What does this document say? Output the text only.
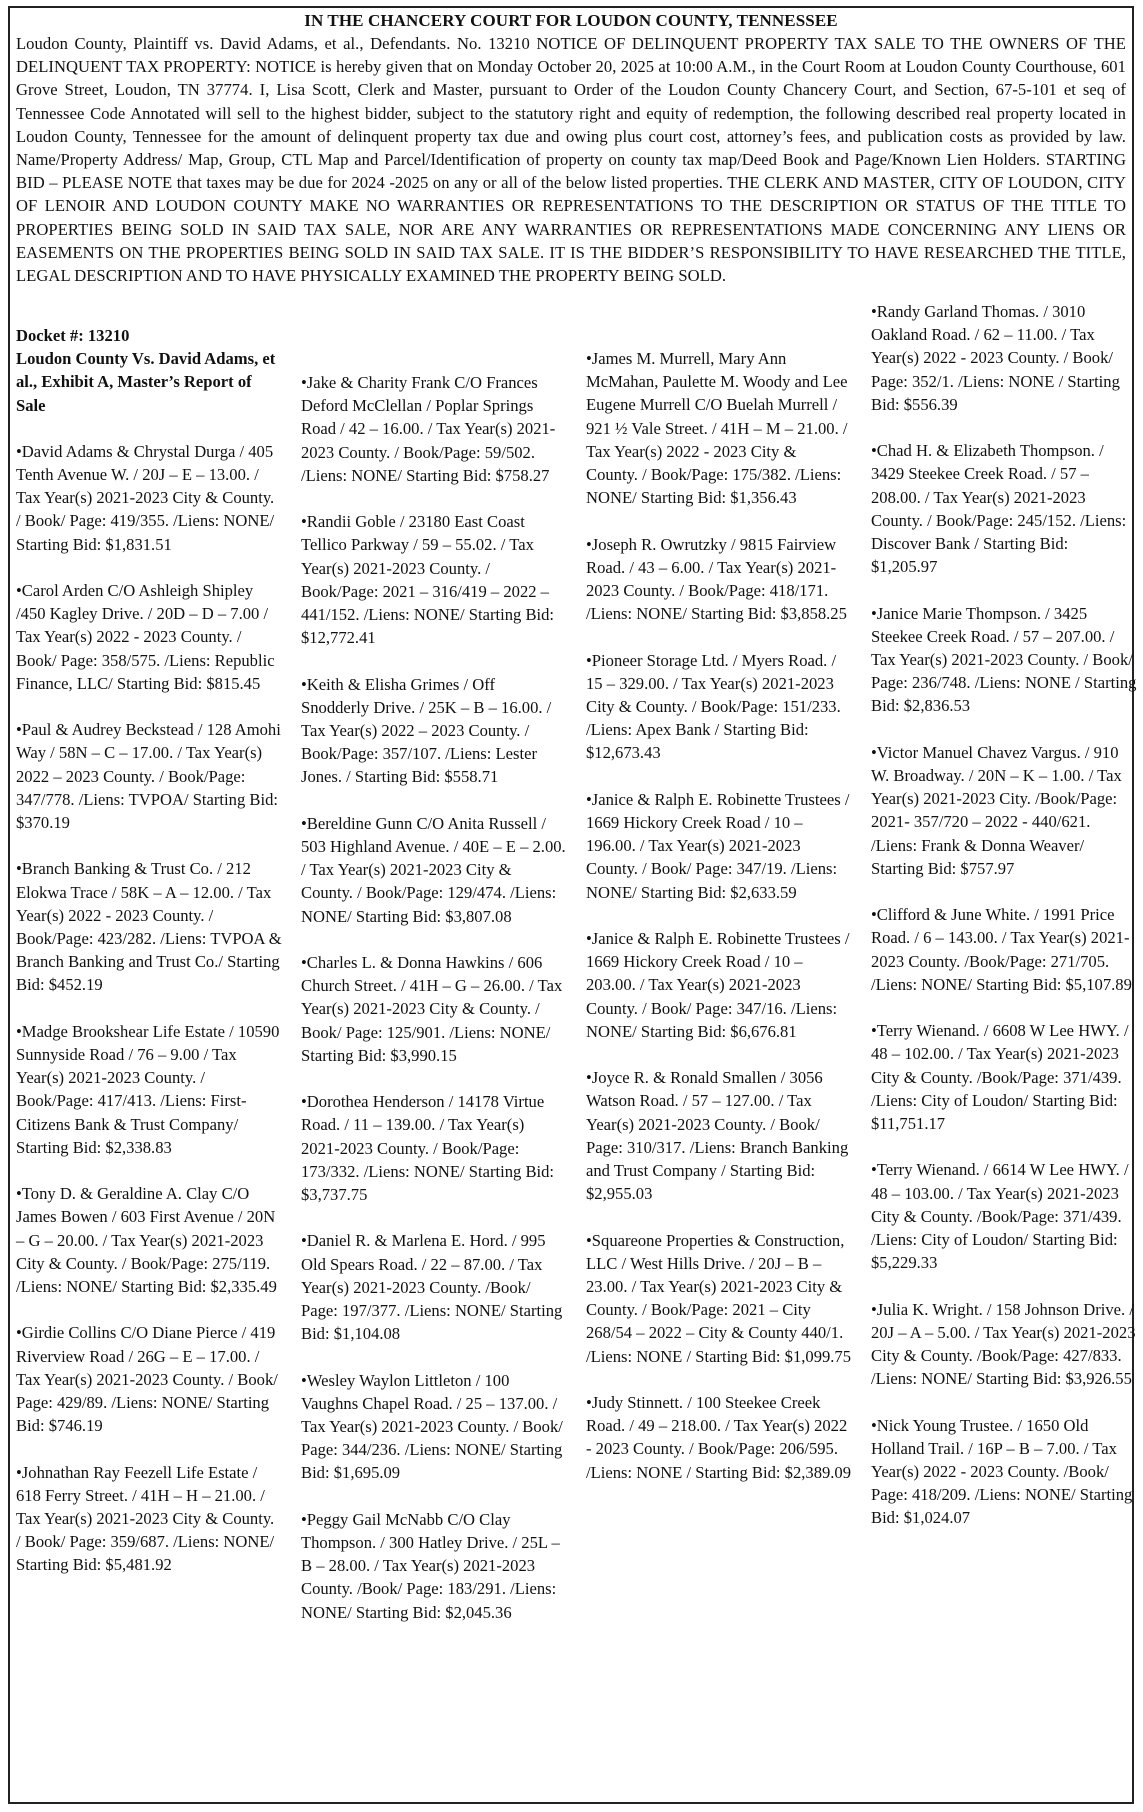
IN THE CHANCERY COURT FOR LOUDON COUNTY, TENNESSEE
Loudon County, Plaintiff vs. David Adams, et al., Defendants. No. 13210 NOTICE OF DELINQUENT PROPERTY TAX SALE TO THE OWNERS OF THE DELINQUENT TAX PROPERTY: NOTICE is hereby given that on Monday October 20, 2025 at 10:00 A.M., in the Court Room at Loudon County Courthouse, 601 Grove Street, Loudon, TN 37774. I, Lisa Scott, Clerk and Master, pursuant to Order of the Loudon County Chancery Court, and Section, 67-5-101 et seq of Tennessee Code Annotated will sell to the highest bidder, subject to the statutory right and equity of redemption, the following described real property located in Loudon County, Tennessee for the amount of delinquent property tax due and owing plus court cost, attorney’s fees, and publication costs as provided by law. Name/Property Address/ Map, Group, CTL Map and Parcel/Identification of property on county tax map/Deed Book and Page/Known Lien Holders. STARTING BID – PLEASE NOTE that taxes may be due for 2024 -2025 on any or all of the below listed properties. THE CLERK AND MASTER, CITY OF LOUDON, CITY OF LENOIR AND LOUDON COUNTY MAKE NO WARRANTIES OR REPRESENTATIONS TO THE DESCRIPTION OR STATUS OF THE TITLE TO PROPERTIES BEING SOLD IN SAID TAX SALE, NOR ARE ANY WARRANTIES OR REPRESENTATIONS MADE CONCERNING ANY LIENS OR EASEMENTS ON THE PROPERTIES BEING SOLD IN SAID TAX SALE. IT IS THE BIDDER’S RESPONSIBILITY TO HAVE RESEARCHED THE TITLE, LEGAL DESCRIPTION AND TO HAVE PHYSICALLY EXAMINED THE PROPERTY BEING SOLD.
Docket #: 13210
Loudon County Vs. David Adams, et al., Exhibit A, Master’s Report of Sale
•David Adams & Chrystal Durga / 405 Tenth Avenue W. / 20J – E – 13.00. / Tax Year(s) 2021-2023 City & County. / Book/ Page: 419/355. /Liens: NONE/ Starting Bid: $1,831.51
•Carol Arden C/O Ashleigh Shipley /450 Kagley Drive. / 20D – D – 7.00 / Tax Year(s) 2022 - 2023 County. / Book/ Page: 358/575. /Liens: Republic Finance, LLC/ Starting Bid: $815.45
•Paul & Audrey Beckstead / 128 Amohi Way / 58N – C – 17.00. / Tax Year(s) 2022 – 2023 County. / Book/Page: 347/778. /Liens: TVPOA/ Starting Bid: $370.19
•Branch Banking & Trust Co. / 212 Elokwa Trace / 58K – A – 12.00. / Tax Year(s) 2022 - 2023 County. / Book/Page: 423/282. /Liens: TVPOA & Branch Banking and Trust Co./ Starting Bid: $452.19
•Madge Brookshear Life Estate / 10590 Sunnyside Road / 76 – 9.00 / Tax Year(s) 2021-2023 County. / Book/Page: 417/413. /Liens: First-Citizens Bank & Trust Company/ Starting Bid: $2,338.83
•Tony D. & Geraldine A. Clay C/O James Bowen / 603 First Avenue / 20N – G – 20.00. / Tax Year(s) 2021-2023 City & County. / Book/Page: 275/119. /Liens: NONE/ Starting Bid: $2,335.49
•Girdie Collins C/O Diane Pierce / 419 Riverview Road / 26G – E – 17.00. / Tax Year(s) 2021-2023 County. / Book/ Page: 429/89. /Liens: NONE/ Starting Bid: $746.19
•Johnathan Ray Feezell Life Estate / 618 Ferry Street. / 41H – H – 21.00. / Tax Year(s) 2021-2023 City & County. / Book/ Page: 359/687. /Liens: NONE/ Starting Bid: $5,481.92
•Jake & Charity Frank C/O Frances Deford McClellan / Poplar Springs Road / 42 – 16.00. / Tax Year(s) 2021-2023 County. / Book/Page: 59/502. /Liens: NONE/ Starting Bid: $758.27
•Randii Goble / 23180 East Coast Tellico Parkway / 59 – 55.02. / Tax Year(s) 2021-2023 County. / Book/Page: 2021 – 316/419 – 2022 – 441/152. /Liens: NONE/ Starting Bid: $12,772.41
•Keith & Elisha Grimes / Off Snodderly Drive. / 25K – B – 16.00. / Tax Year(s) 2022 – 2023 County. / Book/Page: 357/107. /Liens: Lester Jones. / Starting Bid: $558.71
•Bereldine Gunn C/O Anita Russell / 503 Highland Avenue. / 40E – E – 2.00. / Tax Year(s) 2021-2023 City & County. / Book/Page: 129/474. /Liens: NONE/ Starting Bid: $3,807.08
•Charles L. & Donna Hawkins / 606 Church Street. / 41H – G – 26.00. / Tax Year(s) 2021-2023 City & County. / Book/ Page: 125/901. /Liens: NONE/ Starting Bid: $3,990.15
•Dorothea Henderson / 14178 Virtue Road. / 11 – 139.00. / Tax Year(s) 2021-2023 County. / Book/Page: 173/332. /Liens: NONE/ Starting Bid: $3,737.75
•Daniel R. & Marlena E. Hord. / 995 Old Spears Road. / 22 – 87.00. / Tax Year(s) 2021-2023 County. /Book/ Page: 197/377. /Liens: NONE/ Starting Bid: $1,104.08
•Wesley Waylon Littleton / 100 Vaughns Chapel Road. / 25 – 137.00. / Tax Year(s) 2021-2023 County. / Book/ Page: 344/236. /Liens: NONE/ Starting Bid: $1,695.09
•Peggy Gail McNabb C/O Clay Thompson. / 300 Hatley Drive. / 25L – B – 28.00. / Tax Year(s) 2021-2023 County. /Book/ Page: 183/291. /Liens: NONE/ Starting Bid: $2,045.36
•James M. Murrell, Mary Ann McMahan, Paulette M. Woody and Lee Eugene Murrell C/O Buelah Murrell / 921 ½ Vale Street. / 41H – M – 21.00. / Tax Year(s) 2022 - 2023 City & County. / Book/Page: 175/382. /Liens: NONE/ Starting Bid: $1,356.43
•Joseph R. Owrutzky / 9815 Fairview Road. / 43 – 6.00. / Tax Year(s) 2021-2023 County. / Book/Page: 418/171. /Liens: NONE/ Starting Bid: $3,858.25
•Pioneer Storage Ltd. / Myers Road. / 15 – 329.00. / Tax Year(s) 2021-2023 City & County. / Book/Page: 151/233. /Liens: Apex Bank / Starting Bid: $12,673.43
•Janice & Ralph E. Robinette Trustees / 1669 Hickory Creek Road / 10 – 196.00. / Tax Year(s) 2021-2023 County. / Book/ Page: 347/19. /Liens: NONE/ Starting Bid: $2,633.59
•Janice & Ralph E. Robinette Trustees / 1669 Hickory Creek Road / 10 – 203.00. / Tax Year(s) 2021-2023 County. / Book/ Page: 347/16. /Liens: NONE/ Starting Bid: $6,676.81
•Joyce R. & Ronald Smallen / 3056 Watson Road. / 57 – 127.00. / Tax Year(s) 2021-2023 County. / Book/ Page: 310/317. /Liens: Branch Banking and Trust Company / Starting Bid: $2,955.03
•Squareone Properties & Construction, LLC / West Hills Drive. / 20J – B – 23.00. / Tax Year(s) 2021-2023 City & County. / Book/Page: 2021 – City 268/54 – 2022 – City & County 440/1. /Liens: NONE / Starting Bid: $1,099.75
•Judy Stinnett. / 100 Steekee Creek Road. / 49 – 218.00. / Tax Year(s) 2022 - 2023 County. / Book/Page: 206/595. /Liens: NONE / Starting Bid: $2,389.09
•Randy Garland Thomas. / 3010 Oakland Road. / 62 – 11.00. / Tax Year(s) 2022 - 2023 County. / Book/ Page: 352/1. /Liens: NONE / Starting Bid: $556.39
•Chad H. & Elizabeth Thompson. / 3429 Steekee Creek Road. / 57 – 208.00. / Tax Year(s) 2021-2023 County. / Book/Page: 245/152. /Liens: Discover Bank / Starting Bid: $1,205.97
•Janice Marie Thompson. / 3425 Steekee Creek Road. / 57 – 207.00. / Tax Year(s) 2021-2023 County. / Book/ Page: 236/748. /Liens: NONE / Starting Bid: $2,836.53
•Victor Manuel Chavez Vargus. / 910 W. Broadway. / 20N – K – 1.00. / Tax Year(s) 2021-2023 City. /Book/Page: 2021- 357/720 – 2022 - 440/621. /Liens: Frank & Donna Weaver/ Starting Bid: $757.97
•Clifford & June White. / 1991 Price Road. / 6 – 143.00. / Tax Year(s) 2021-2023 County. /Book/Page: 271/705. /Liens: NONE/ Starting Bid: $5,107.89
•Terry Wienand. / 6608 W Lee HWY. / 48 – 102.00. / Tax Year(s) 2021-2023 City & County. /Book/Page: 371/439. /Liens: City of Loudon/ Starting Bid: $11,751.17
•Terry Wienand. / 6614 W Lee HWY. / 48 – 103.00. / Tax Year(s) 2021-2023 City & County. /Book/Page: 371/439. /Liens: City of Loudon/ Starting Bid: $5,229.33
•Julia K. Wright. / 158 Johnson Drive. / 20J – A – 5.00. / Tax Year(s) 2021-2023 City & County. /Book/Page: 427/833. /Liens: NONE/ Starting Bid: $3,926.55
•Nick Young Trustee. / 1650 Old Holland Trail. / 16P – B – 7.00. / Tax Year(s) 2022 - 2023 County. /Book/ Page: 418/209. /Liens: NONE/ Starting Bid: $1,024.07
